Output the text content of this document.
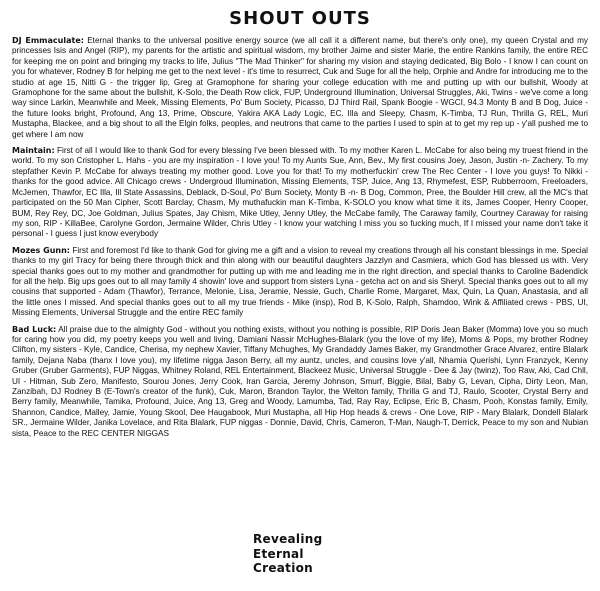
SHOUT OUTS

DJ Emmaculate: Eternal thanks to the universal positive energy source (we all call it a different name, but there's only one), my queen Crystal and my princesses Isis and Angel (RIP), my parents for the artistic and spiritual wisdom, my brother Jaime and sister Marie, the entire Rankins family, the entire REC for keeping me on point and bringing my tracks to life, Julius "The Mad Thinker" for sharing my vision and staying dedicated, Big Bolo - I know I can count on you for whatever, Rodney B for helping me get to the next level - it's time to resurrect, Cuk and Suge for all the help, Orphie and Andre for introducing me to the studio at age 15, Nitti G - the trigger lip, Greg at Gramophone for sharing your college education with me and putting up with our bullshit, Woody at Gramophone for the same about the bullshit, K-Solo, the Death Row click, FUP, Underground Illumination, Universal Struggles, Aki, Twins - we've come a long way since Larkin, Meanwhile and Meek, Missing Elements, Po' Bum Society, Picasso, DJ Third Rail, Spank Boogie - WGCI, 94.3 Monty B and B Dog, Juice - the future looks bright, Profound, Ang 13, Prime, Obscure, Yakira AKA Lady Logic, EC. Illa and Sleepy, Chasm, K-Timba, TJ Run, Thrilla G, REL, Muri Mustapha, Blackee, and a big shout to all the Elgin folks, peoples, and neutrons that came to the parties I used to spin at to get my rep up - y'all pushed me to get where I am now

Maintain: First of all I would like to thank God for every blessing I've been blessed with. To my mother Karen L. McCabe for also being my truest friend in the world. To my son Cristopher L. Hahs - you are my inspiration - I love you! To my Aunts Sue, Ann, Bev., My first cousins Joey, Jason, Justin -n- Zachery. To my stepfather Kevin P. McCabe for always treating my mother good. Love you for that! To my motherfuckin' crew The Rec Center - I love you guys! To Nikki - thanks for the good advice. All Chicago crews - Undergroud Illumination, Missing Elements, TSP, Juice, Ang 13, Rhymefest, ESP, Rubberroom, Freeloaders, McJemen, Thawfor, EC Illa, Ill State Assassins, Deblack, D-Soul, Po' Bum Society, Monty B -n- B Dog, Common, Pree, the Boulder Hill crew, all the MC's that participated on the 50 Man Cipher, Scott Barclay, Chasm, My muthafuckin man K-Timba, K-SOLO you know what time it its, James Cooper, Henry Cooper, BUM, Rey Rey, DC, Joe Goldman, Julius Spates, Jay Chism, Mike Utley, Jenny Utley, the McCabe family, The Caraway family, Courtney Caraway for raising my son, RIP - KillaBee, Carolyne Gordon, Jermaine Wilder, Chris Utley - I know your watching I miss you so fucking much, If I missed your name don't take it personal - I guess I just know everybody

Mozes Gunn: First and foremost I'd like to thank God for giving me a gift and a vision to reveal my creations through all his constant blessings in me. Special thanks to my girl Tracy for being there through thick and thin along with our beautiful daughters Jazzlyn and Casmiera, which God has blessed us with. Very special thanks goes out to my mother and grandmother for putting up with me and leading me in the right direction, and special thanks to Caroline Badendick for all the help. Big ups goes out to all may family 4 showin' love and support from sisters Lyna - getcha act on and sis Sheryl. Special thanks goes out to all my cousins that supported - Adam (Thawfor), Terrance, Melonie, Lisa, Jeramie, Nessie, Guch, Charlie Rome, Margaret, Max, Quin, La Quan, Anastasia, and all the little ones I missed. And special thanks goes out to all my true friends - Mike (insp), Rod B, K-Solo, Ralph, Shamdoo, Wink & Affiliated crews - PBS, UI, Missing Elements, Universal Struggle and the entire REC family

Bad Luck: All praise due to the almighty God - without you nothing exists, without you nothing is possible, RIP Doris Jean Baker (Momma) love you so much for caring how you did, my poetry keeps you well and living, Damiani Nassir McHughes-Blalark (you the love of my life), Moms & Pops, my brother Rodney Clifton, my sisters - Kyle, Candice, Cherisa, my nephew Xavier, Tiffany Mchughes, My Grandaddy James Baker, my Grandmother Grace Alvarez, entire Blalark family, Dejana Naba (thanx I love you), my lifetime nigga Jason Berry, all my auntz, uncles, and cousins love y'all, Nhamia Querishi, Lynn Franzyck, Kenny Gruber (Gruber Garments), FUP Niggas, Whitney Roland, REL Entertainment, Blackeez Music, Universal Struggle - Dee & Jay (twinz), Too Raw, Aki, Cad Chll, UI - Hitman, Sub Zero, Manifesto, Sourou Jones, Jerry Cook, Iran Garcia, Jeremy Johnson, Smurf, Biggie, Bilal, Baby G, Levan, Cipha, Dirty Leon, Man, Zanzibah, DJ Rodney B (E-Town's creator of the funk), Cuk, Maron, Brandon Taylor, the Welton family, Thrilla G and TJ, Raulo, Scooter, Crystal Berry and Berry family, Meanwhile, Tamika, Profound, Juice, Ang 13, Greg and Woody, Lamumba, Tad, Ray Ray, Eclipse, Eric B, Chasm, Pooh, Konstas family, Emily, Shannon, Candice, Malley, Jamie, Young Skool, Dee Haugabook, Muri Mustapha, all Hip Hop heads & crews - One Love, RIP - Mary Blalark, Dondell Blalark SR., Jermaine Wilder, Janika Lovelace, and Rita Blalark, FUP niggas - Donnie, David, Chris, Cameron, T-Man, Naugh-T, Derrick, Peace to my son and Nubian sista, Peace to the REC CENTER NIGGAS

Revealing
Eternal
Creation
